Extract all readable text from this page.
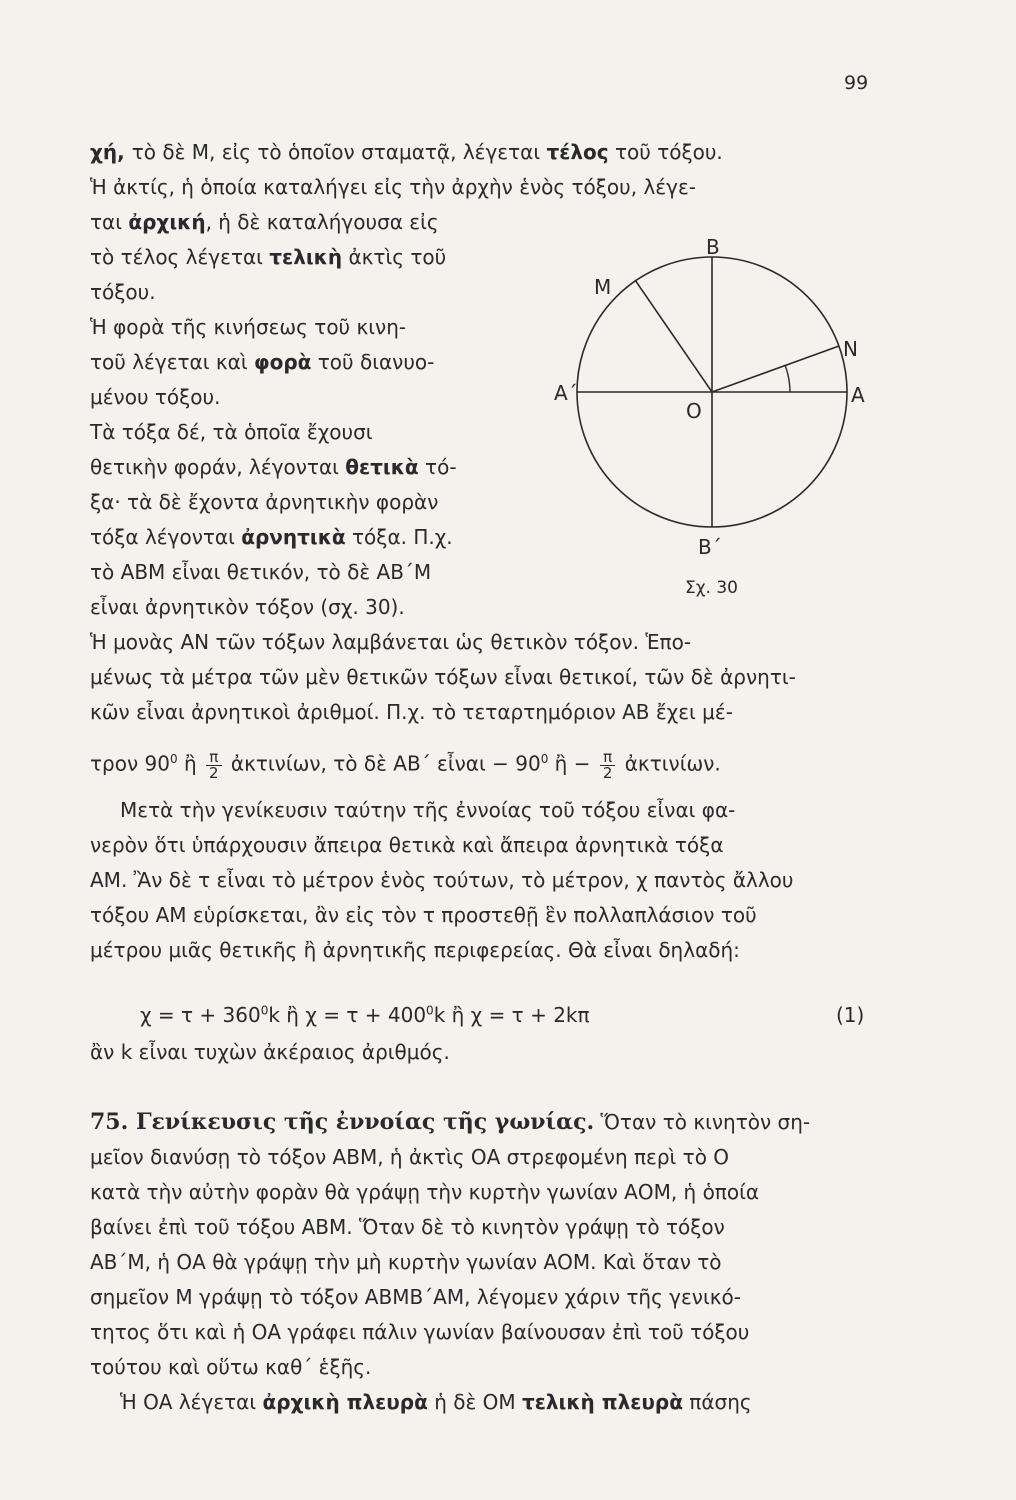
99
χή, τὸ δὲ Μ, εἰς τὸ ὁποῖον σταματᾷ, λέγεται τέλος τοῦ τόξου.
Ἡ ἀκτίς, ἡ ὁποία καταλήγει εἰς τὴν ἀρχὴν ἑνὸς τόξου, λέγε-
ται ἀρχική, ἡ δὲ καταλήγουσα εἰς
τὸ τέλος λέγεται τελικὴ ἀκτὶς τοῦ
τόξου.
Ἡ φορὰ τῆς κινήσεως τοῦ κινη-
τοῦ λέγεται καὶ φορὰ τοῦ διανυο-
μένου τόξου.
Τὰ τόξα δέ, τὰ ὁποῖα ἔχουσι
θετικὴν φοράν, λέγονται θετικὰ τό-
ξα· τὰ δὲ ἔχοντα ἀρνητικὴν φορὰν
τόξα λέγονται ἀρνητικὰ τόξα. Π.χ.
τὸ ΑΒΜ εἶναι θετικόν, τὸ δὲ ΑΒ΄Μ
εἶναι ἀρνητικὸν τόξον (σχ. 30).
B
M
N
A΄	A
O
B΄
Σχ. 30
Ἡ μονὰς ΑΝ τῶν τόξων λαμβάνεται ὡς θετικὸν τόξον. Ἑπο-
μένως τὰ μέτρα τῶν μὲν θετικῶν τόξων εἶναι θετικοί, τῶν δὲ ἀρνητι-
κῶν εἶναι ἀρνητικοὶ ἀριθμοί. Π.χ. τὸ τεταρτημόριον ΑΒ ἔχει μέ-
τρον $90^0$ ἢ $\frac{\pi}{2}$ ἀκτινίων, τὸ δὲ ΑΒ΄ εἶναι − $90^0$ ἢ − $\frac{\pi}{2}$ ἀκτινίων.
Μετὰ τὴν γενίκευσιν ταύτην τῆς ἐννοίας τοῦ τόξου εἶναι φα-
νερὸν ὅτι ὑπάρχουσιν ἄπειρα θετικὰ καὶ ἄπειρα ἀρνητικὰ τόξα
ΑΜ. Ἂν δὲ τ εἶναι τὸ μέτρον ἑνὸς τούτων, τὸ μέτρον, χ παντὸς ἄλλου
τόξου ΑΜ εὑρίσκεται, ἂν εἰς τὸν τ προστεθῇ ἓν πολλαπλάσιον τοῦ
μέτρου μιᾶς θετικῆς ἢ ἀρνητικῆς περιφερείας. Θὰ εἶναι δηλαδή:
$\chi = \tau + 360^0k$ ἢ $\chi = \tau + 400^0k$ ἢ χ = τ + 2kπ	(1)
ἂν k εἶναι τυχὼν ἀκέραιος ἀριθμός.
75. Γενίκευσις τῆς ἐννοίας τῆς γωνίας. Ὅταν τὸ κινητὸν ση-
μεῖον διανύσῃ τὸ τόξον ΑΒΜ, ἡ ἀκτὶς ΟΑ στρεφομένη περὶ τὸ Ο
κατὰ τὴν αὐτὴν φορὰν θὰ γράψῃ τὴν κυρτὴν γωνίαν ΑΟΜ, ἡ ὁποία
βαίνει ἐπὶ τοῦ τόξου ΑΒΜ. Ὅταν δὲ τὸ κινητὸν γράψῃ τὸ τόξον
ΑΒ΄Μ, ἡ ΟΑ θὰ γράψῃ τὴν μὴ κυρτὴν γωνίαν ΑΟΜ. Καὶ ὅταν τὸ
σημεῖον Μ γράψῃ τὸ τόξον ΑΒΜΒ΄ΑΜ, λέγομεν χάριν τῆς γενικό-
τητος ὅτι καὶ ἡ ΟΑ γράφει πάλιν γωνίαν βαίνουσαν ἐπὶ τοῦ τόξου
τούτου καὶ οὕτω καθ΄ ἑξῆς.
Ἡ ΟΑ λέγεται ἀρχικὴ πλευρὰ ἡ δὲ ΟΜ τελικὴ πλευρὰ πάσης
